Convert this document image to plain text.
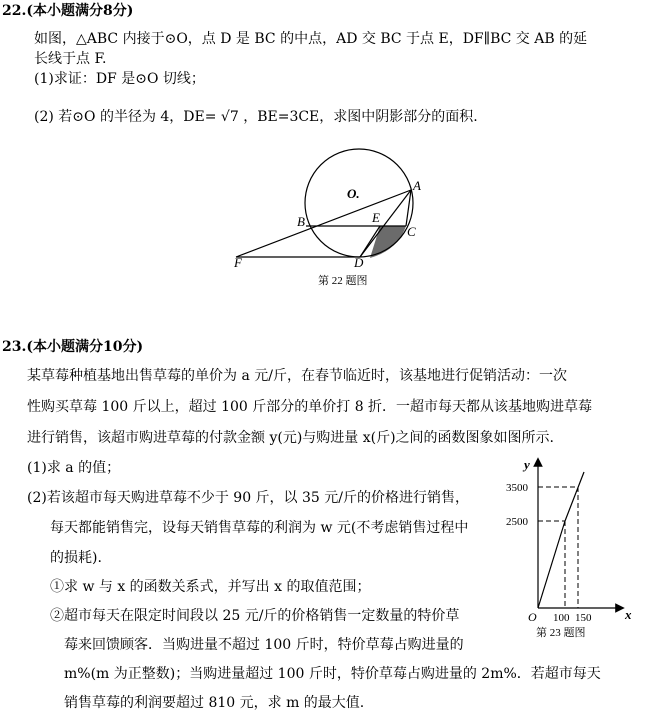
22.(本小题满分8分)
如图，△ABC 内接于⊙O，点 D 是 BC 的中点，AD 交 BC 于点 E，DF∥BC 交 AB 的延
长线于点 F.
(1)求证：DF 是⊙O 切线；
(2) 若⊙O 的半径为 4，DE= √7 ，BE=3CE，求图中阴影部分的面积.
O.
A
B	E
C
F	D
第 22 题图
23.(本小题满分10分)
某草莓种植基地出售草莓的单价为 a 元/斤，在春节临近时，该基地进行促销活动：一次
性购买草莓 100 斤以上，超过 100 斤部分的单价打 8 折．一超市每天都从该基地购进草莓
进行销售，该超市购进草莓的付款金额 y(元)与购进量 x(斤)之间的函数图象如图所示.
(1)求 a 的值；
(2)若该超市每天购进草莓不少于 90 斤，以 35 元/斤的价格进行销售，
每天都能销售完，设每天销售草莓的利润为 w 元(不考虑销售过程中
的损耗).
①求 w 与 x 的函数关系式，并写出 x 的取值范围；
②超市每天在限定时间段以 25 元/斤的价格销售一定数量的特价草
莓来回馈顾客．当购进量不超过 100 斤时，特价草莓占购进量的
m%(m 为正整数)；当购进量超过 100 斤时，特价草莓占购进量的 2m%．若超市每天
销售草莓的利润要超过 810 元，求 m 的最大值.
y
x
O
3500
2500
100 150
第 23 题图
